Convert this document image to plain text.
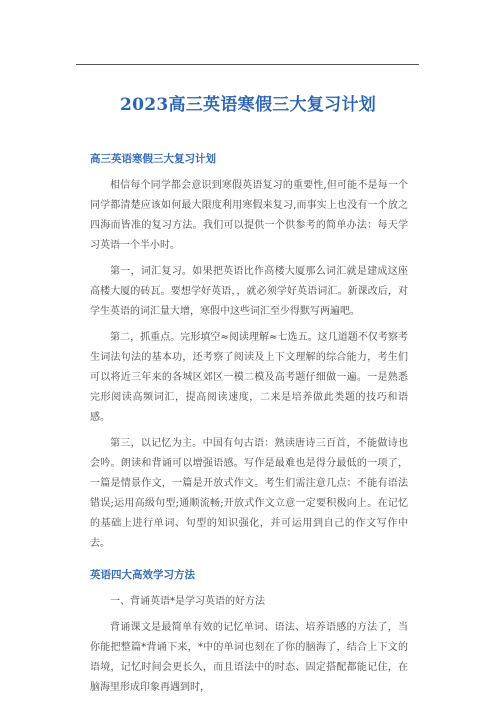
2023高三英语寒假三大复习计划
高三英语寒假三大复习计划

相信每个同学都会意识到寒假英语复习的重要性,但可能不是每一个同学都清楚应该如何最大限度利用寒假来复习,而事实上也没有一个放之四海而皆准的复习方法。我们可以提供一个供参考的简单办法：每天学习英语一个半小时。

第一，词汇复习。如果把英语比作高楼大厦那么词汇就是建成这座高楼大厦的砖瓦。要想学好英语，，就必须学好英语词汇。新课改后，对学生英语的词汇量大增，寒假中这些词汇至少得默写两遍吧。

第二，抓重点。完形填空≈阅读理解≈七选五。这几道题不仅考察考生词法句法的基本功，还考察了阅读及上下文理解的综合能力，考生们可以将近三年来的各城区郊区一模二模及高考题仔细做一遍。一是熟悉完形阅读高频词汇，提高阅读速度，二来是培养做此类题的技巧和语感。

第三，以记忆为主。中国有句古语：熟读唐诗三百首，不能做诗也会吟。朗读和背诵可以增强语感。写作是最难也是得分最低的一项了，一篇是情景作文，一篇是开放式作文。考生们需注意几点：不能有语法错误;运用高级句型;通顺流畅;开放式作文立意一定要积极向上。在记忆的基础上进行单词、句型的知识强化，并可运用到自己的作文写作中去。

英语四大高效学习方法

一、背诵英语*是学习英语的好方法

背诵课文是最简单有效的记忆单词、语法、培养语感的方法了，当你能把整篇*背诵下来，*中的单词也刻在了你的脑海了，结合上下文的语境，记忆时间会更长久，而且语法中的时态、固定搭配都能记住，在脑海里形成印象再遇到时，
